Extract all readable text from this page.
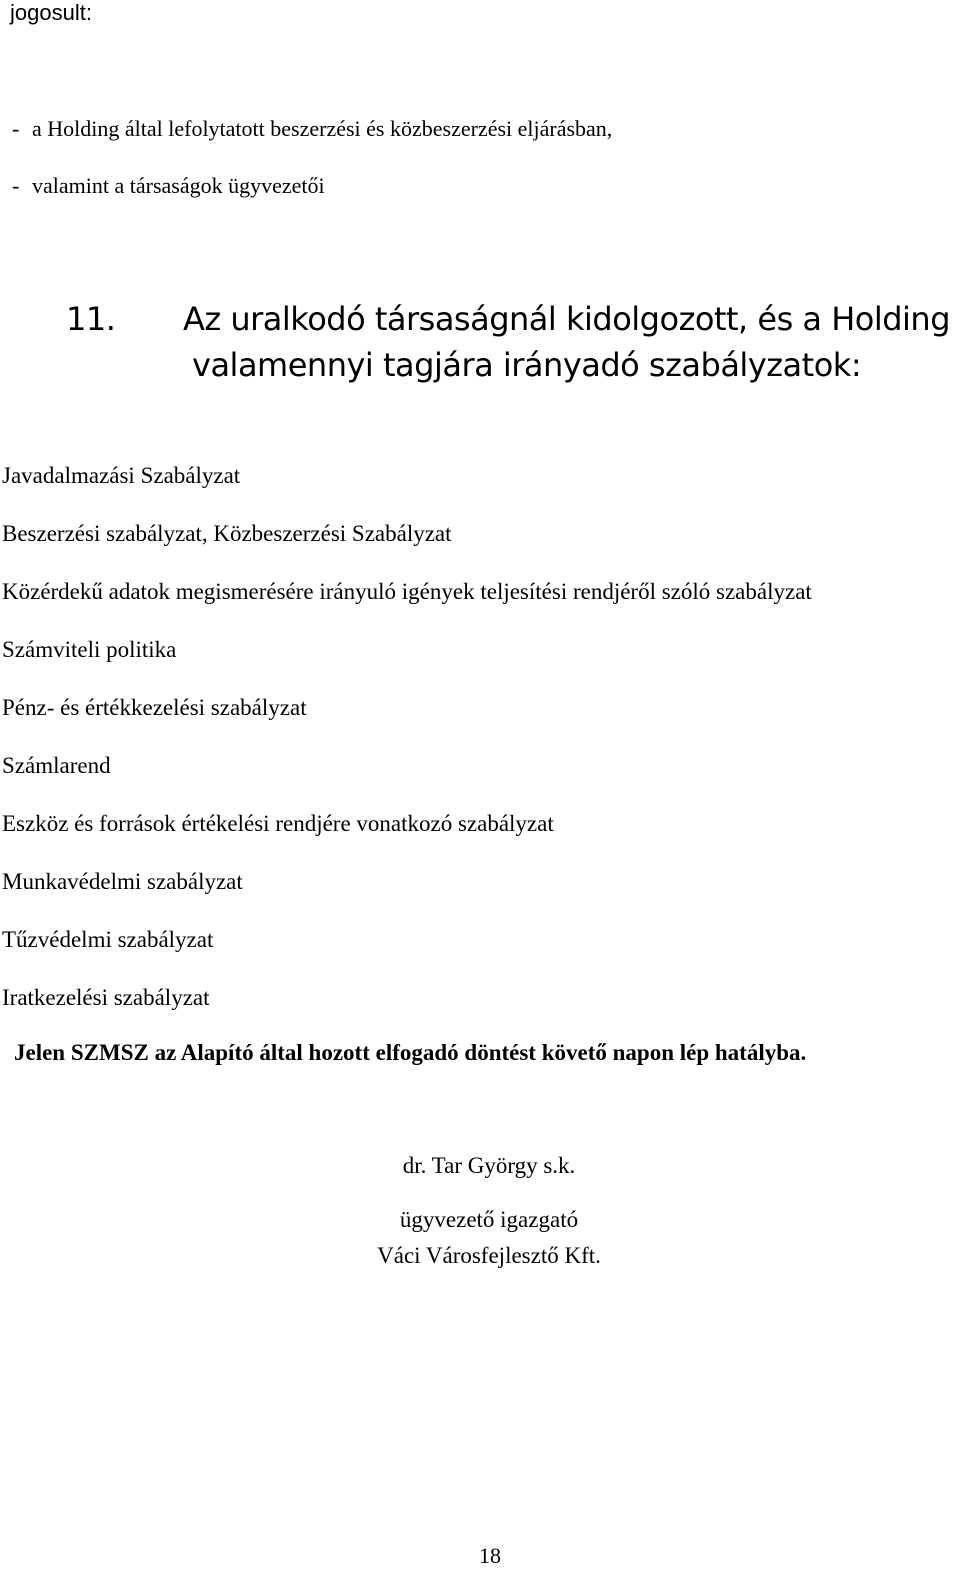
jogosult:
- a Holding által lefolytatott beszerzési és közbeszerzési eljárásban,
- valamint a társaságok ügyvezetői
11. Az uralkodó társaságnál kidolgozott, és a Holding
valamennyi tagjára irányadó szabályzatok:
Javadalmazási Szabályzat
Beszerzési szabályzat, Közbeszerzési Szabályzat
Közérdekű adatok megismerésére irányuló igények teljesítési rendjéről szóló szabályzat
Számviteli politika
Pénz- és értékkezelési szabályzat
Számlarend
Eszköz és források értékelési rendjére vonatkozó szabályzat
Munkavédelmi szabályzat
Tűzvédelmi szabályzat
Iratkezelési szabályzat
Jelen SZMSZ az Alapító által hozott elfogadó döntést követő napon lép hatályba.
dr. Tar György s.k.
ügyvezető igazgató
Váci Városfejlesztő Kft.
18
